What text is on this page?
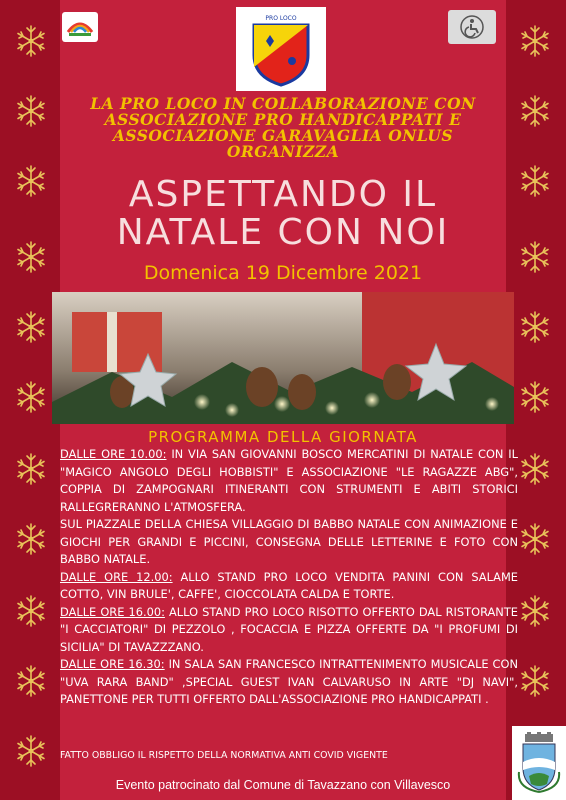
PRO LOCO
LA PRO LOCO IN COLLABORAZIONE CON
ASSOCIAZIONE PRO HANDICAPPATI E
ASSOCIAZIONE GARAVAGLIA ONLUS
ORGANIZZA
ASPETTANDO IL
NATALE CON NOI
Domenica 19 Dicembre 2021
PROGRAMMA DELLA GIORNATA

DALLE ORE 10.00: IN VIA SAN GIOVANNI BOSCO MERCATINI DI NATALE CON IL "MAGICO ANGOLO DEGLI HOBBISTI" E ASSOCIAZIONE "LE RAGAZZE ABG", COPPIA DI ZAMPOGNARI ITINERANTI CON STRUMENTI E ABITI STORICI RALLEGRERANNO L'ATMOSFERA.

SUL PIAZZALE DELLA CHIESA VILLAGGIO DI BABBO NATALE CON ANIMAZIONE E GIOCHI PER GRANDI E PICCINI, CONSEGNA DELLE LETTERINE E FOTO CON BABBO NATALE.

DALLE ORE 12.00: ALLO STAND PRO LOCO VENDITA PANINI CON SALAME COTTO, VIN BRULE', CAFFE', CIOCCOLATA CALDA E TORTE.

DALLE ORE 16.00: ALLO STAND PRO LOCO RISOTTO OFFERTO DAL RISTORANTE "I CACCIATORI" DI PEZZOLO , FOCACCIA E PIZZA OFFERTE DA "I PROFUMI DI SICILIA" DI TAVAZZZANO.

DALLE ORE 16.30: IN SALA SAN FRANCESCO INTRATTENIMENTO MUSICALE CON "UVA RARA BAND" ,SPECIAL GUEST IVAN CALVARUSO IN ARTE "DJ NAVI", PANETTONE PER TUTTI OFFERTO DALL'ASSOCIAZIONE PRO HANDICAPPATI .

FATTO OBBLIGO IL RISPETTO DELLA NORMATIVA ANTI COVID VIGENTE
Evento patrocinato dal Comune di Tavazzano con Villavesco
